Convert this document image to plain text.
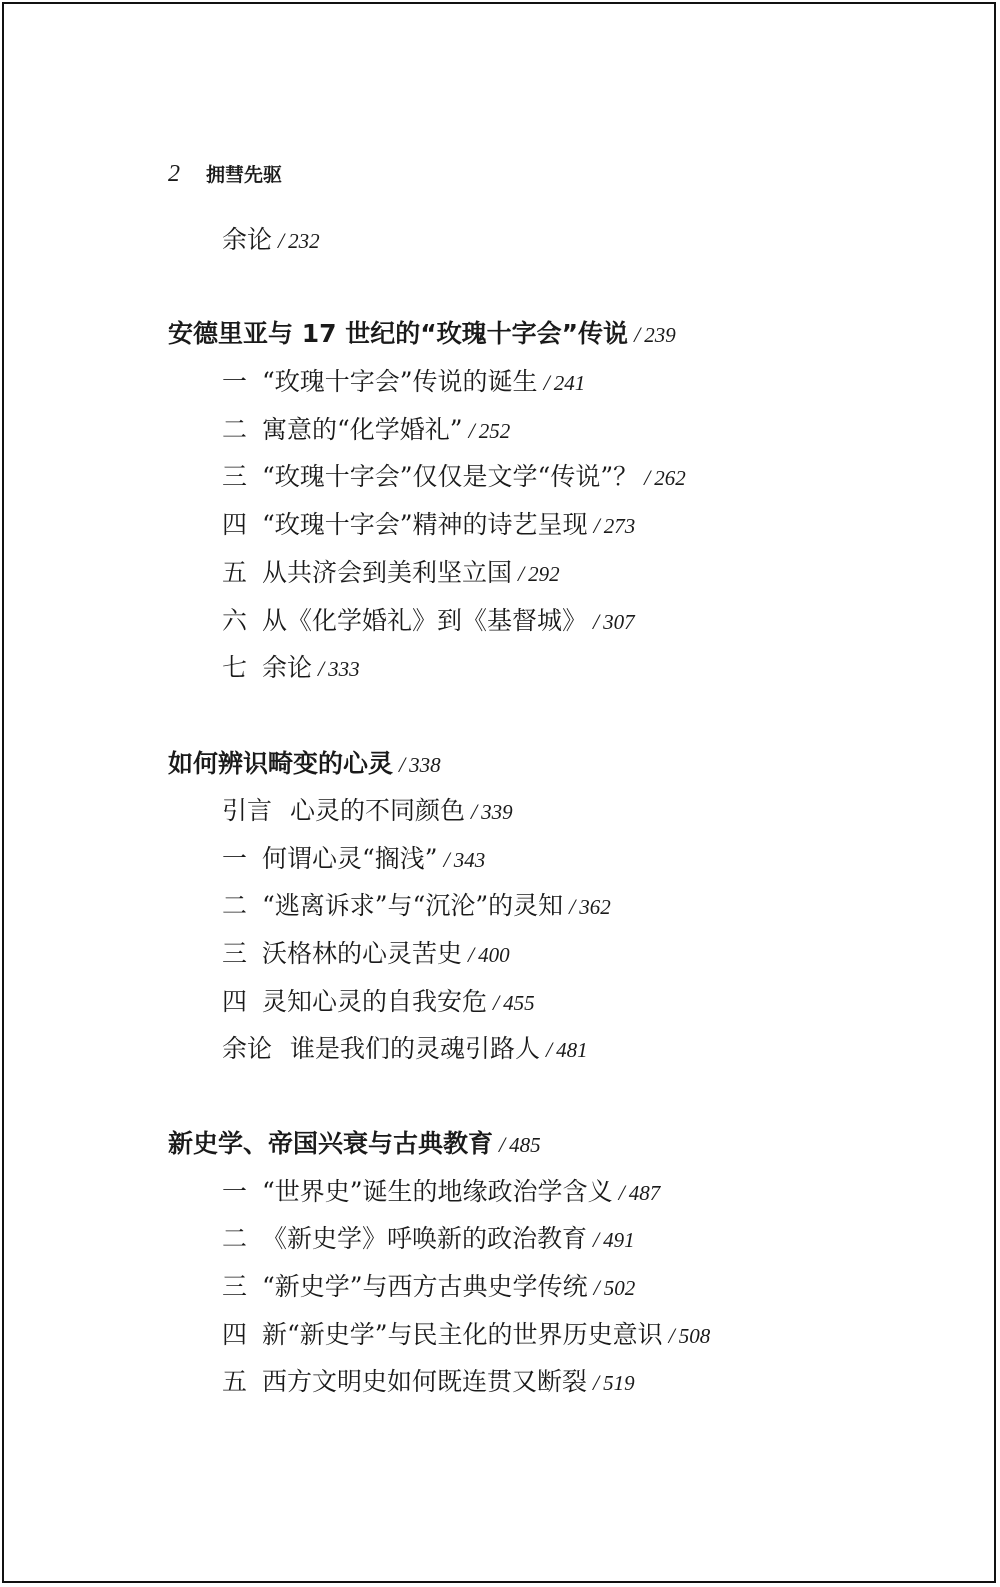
2 拥彗先驱
余论 / 232
安德里亚与 17 世纪的“玫瑰十字会”传说 / 239
一 “玫瑰十字会”传说的诞生 / 241
二 寓意的“化学婚礼” / 252
三 “玫瑰十字会”仅仅是文学“传说”？ / 262
四 “玫瑰十字会”精神的诗艺呈现 / 273
五 从共济会到美利坚立国 / 292
六 从《化学婚礼》到《基督城》 / 307
七 余论 / 333
如何辨识畸变的心灵 / 338
引言 心灵的不同颜色 / 339
一 何谓心灵“搁浅” / 343
二 “逃离诉求”与“沉沦”的灵知 / 362
三 沃格林的心灵苦史 / 400
四 灵知心灵的自我安危 / 455
余论 谁是我们的灵魂引路人 / 481
新史学、帝国兴衰与古典教育 / 485
一 “世界史”诞生的地缘政治学含义 / 487
二 《新史学》呼唤新的政治教育 / 491
三 “新史学”与西方古典史学传统 / 502
四 新“新史学”与民主化的世界历史意识 / 508
五 西方文明史如何既连贯又断裂 / 519
